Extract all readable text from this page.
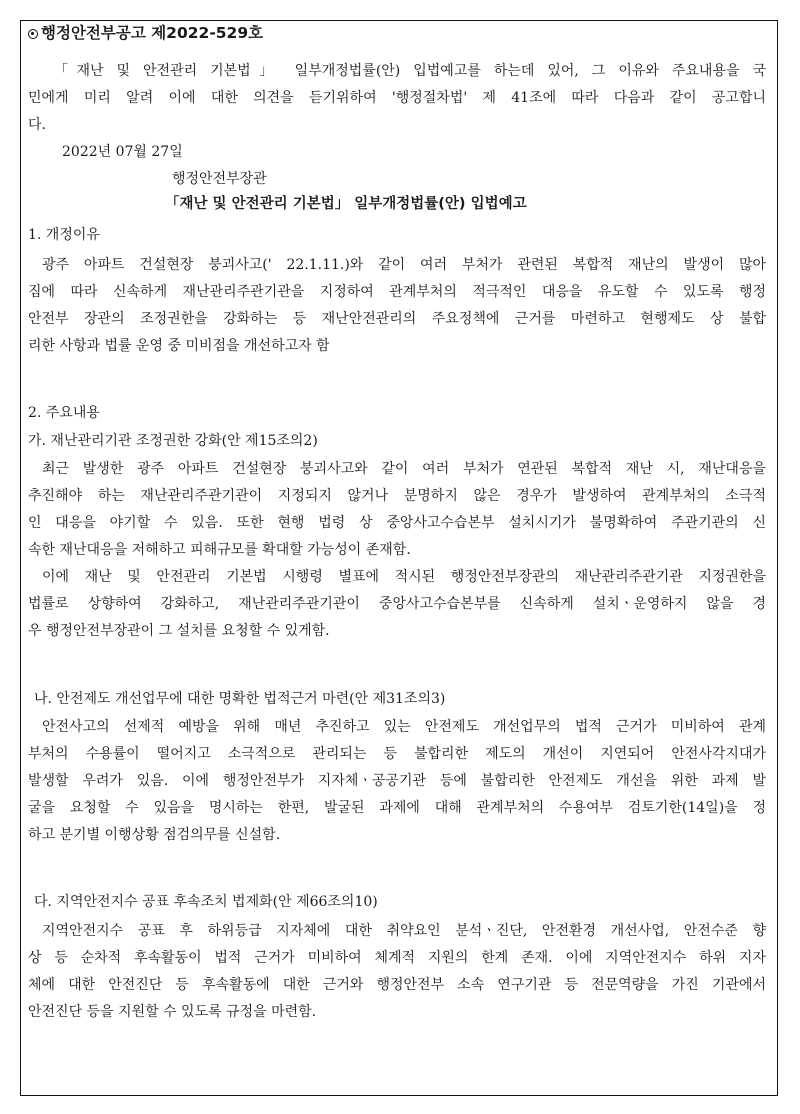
행정안전부공고 제2022-529호
「재난 및 안전관리 기본법」 일부개정법률(안) 입법예고를 하는데 있어, 그 이유와 주요내용을 국
민에게 미리 알려 이에 대한 의견을 듣기위하여 '행정절차법' 제 41조에 따라 다음과 같이 공고합니
다.
2022년 07월 27일
행정안전부장관
「재난 및 안전관리 기본법」 일부개정법률(안) 입법예고
1. 개정이유
광주 아파트 건설현장 붕괴사고(' 22.1.11.)와 같이 여러 부처가 관련된 복합적 재난의 발생이 많아
짐에 따라 신속하게 재난관리주관기관을 지정하여 관계부처의 적극적인 대응을 유도할 수 있도록 행정
안전부 장관의 조정권한을 강화하는 등 재난안전관리의 주요정책에 근거를 마련하고 현행제도 상 불합
리한 사항과 법률 운영 중 미비점을 개선하고자 함
2. 주요내용
가. 재난관리기관 조정권한 강화(안 제15조의2)
최근 발생한 광주 아파트 건설현장 붕괴사고와 같이 여러 부처가 연관된 복합적 재난 시, 재난대응을
추진해야 하는 재난관리주관기관이 지정되지 않거나 분명하지 않은 경우가 발생하여 관계부처의 소극적
인 대응을 야기할 수 있음. 또한 현행 법령 상 중앙사고수습본부 설치시기가 불명확하여 주관기관의 신
속한 재난대응을 저해하고 피해규모를 확대할 가능성이 존재함.
이에 재난 및 안전관리 기본법 시행령 별표에 적시된 행정안전부장관의 재난관리주관기관 지정권한을
법률로 상향하여 강화하고, 재난관리주관기관이 중앙사고수습본부를 신속하게 설치ㆍ운영하지 않을 경
우 행정안전부장관이 그 설치를 요청할 수 있게함.
나. 안전제도 개선업무에 대한 명확한 법적근거 마련(안 제31조의3)
안전사고의 선제적 예방을 위해 매년 추진하고 있는 안전제도 개선업무의 법적 근거가 미비하여 관계
부처의 수용률이 떨어지고 소극적으로 관리되는 등 불합리한 제도의 개선이 지연되어 안전사각지대가
발생할 우려가 있음. 이에 행정안전부가 지자체ㆍ공공기관 등에 불합리한 안전제도 개선을 위한 과제 발
굴을 요청할 수 있음을 명시하는 한편, 발굴된 과제에 대해 관계부처의 수용여부 검토기한(14일)을 정
하고 분기별 이행상황 점검의무를 신설함.
다. 지역안전지수 공표 후속조치 법제화(안 제66조의10)
지역안전지수 공표 후 하위등급 지자체에 대한 취약요인 분석ㆍ진단, 안전환경 개선사업, 안전수준 향
상 등 순차적 후속활동이 법적 근거가 미비하여 체계적 지원의 한계 존재. 이에 지역안전지수 하위 지자
체에 대한 안전진단 등 후속활동에 대한 근거와 행정안전부 소속 연구기관 등 전문역량을 가진 기관에서
안전진단 등을 지원할 수 있도록 규정을 마련함.
